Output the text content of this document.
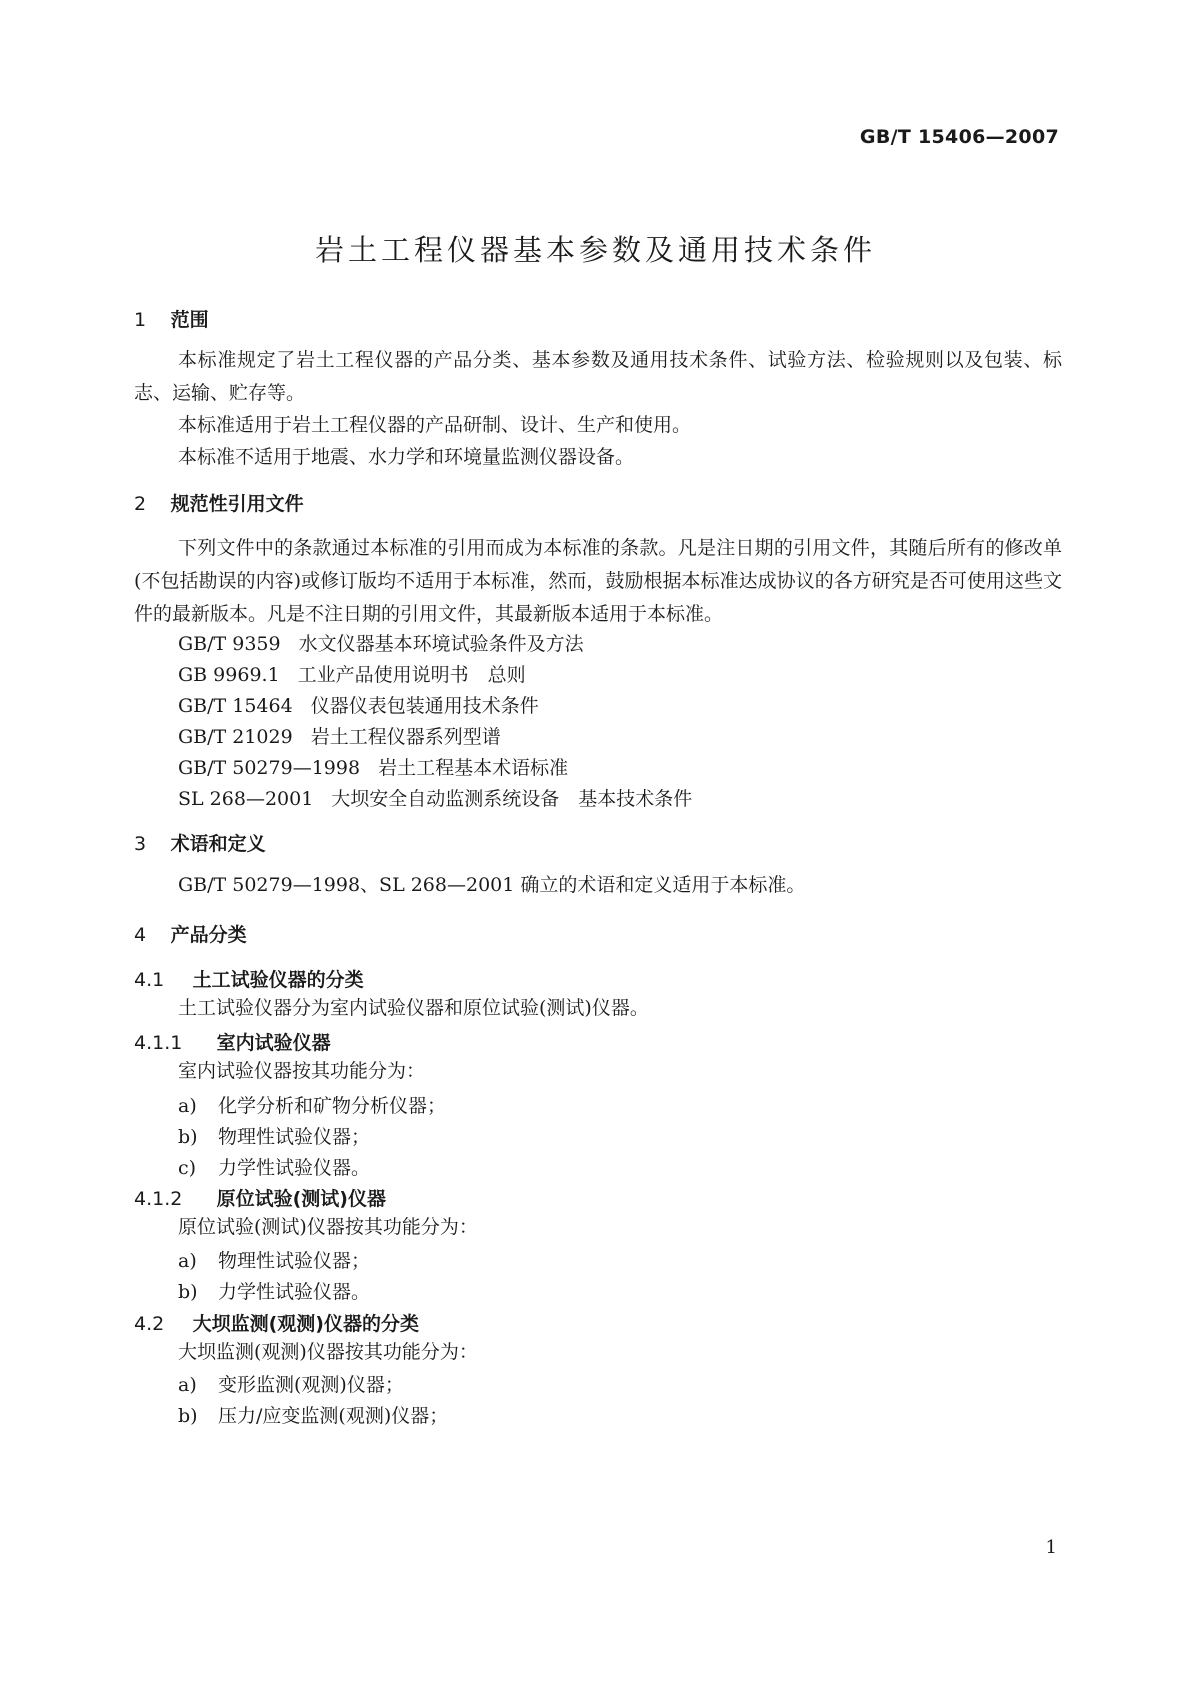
GB/T 15406—2007
岩土工程仪器基本参数及通用技术条件
1 范围
本标准规定了岩土工程仪器的产品分类、基本参数及通用技术条件、试验方法、检验规则以及包装、标志、运输、贮存等。
本标准适用于岩土工程仪器的产品研制、设计、生产和使用。
本标准不适用于地震、水力学和环境量监测仪器设备。
2 规范性引用文件
下列文件中的条款通过本标准的引用而成为本标准的条款。凡是注日期的引用文件，其随后所有的修改单(不包括勘误的内容)或修订版均不适用于本标准，然而，鼓励根据本标准达成协议的各方研究是否可使用这些文件的最新版本。凡是不注日期的引用文件，其最新版本适用于本标准。
GB/T 9359 水文仪器基本环境试验条件及方法
GB 9969.1 工业产品使用说明书　总则
GB/T 15464 仪器仪表包装通用技术条件
GB/T 21029 岩土工程仪器系列型谱
GB/T 50279—1998 岩土工程基本术语标准
SL 268—2001 大坝安全自动监测系统设备　基本技术条件
3 术语和定义
GB/T 50279—1998、SL 268—2001 确立的术语和定义适用于本标准。
4 产品分类
4.1 土工试验仪器的分类
土工试验仪器分为室内试验仪器和原位试验(测试)仪器。
4.1.1 室内试验仪器
室内试验仪器按其功能分为：
a) 化学分析和矿物分析仪器；
b) 物理性试验仪器；
c) 力学性试验仪器。
4.1.2 原位试验(测试)仪器
原位试验(测试)仪器按其功能分为：
a) 物理性试验仪器；
b) 力学性试验仪器。
4.2 大坝监测(观测)仪器的分类
大坝监测(观测)仪器按其功能分为：
a) 变形监测(观测)仪器；
b) 压力/应变监测(观测)仪器；
1
